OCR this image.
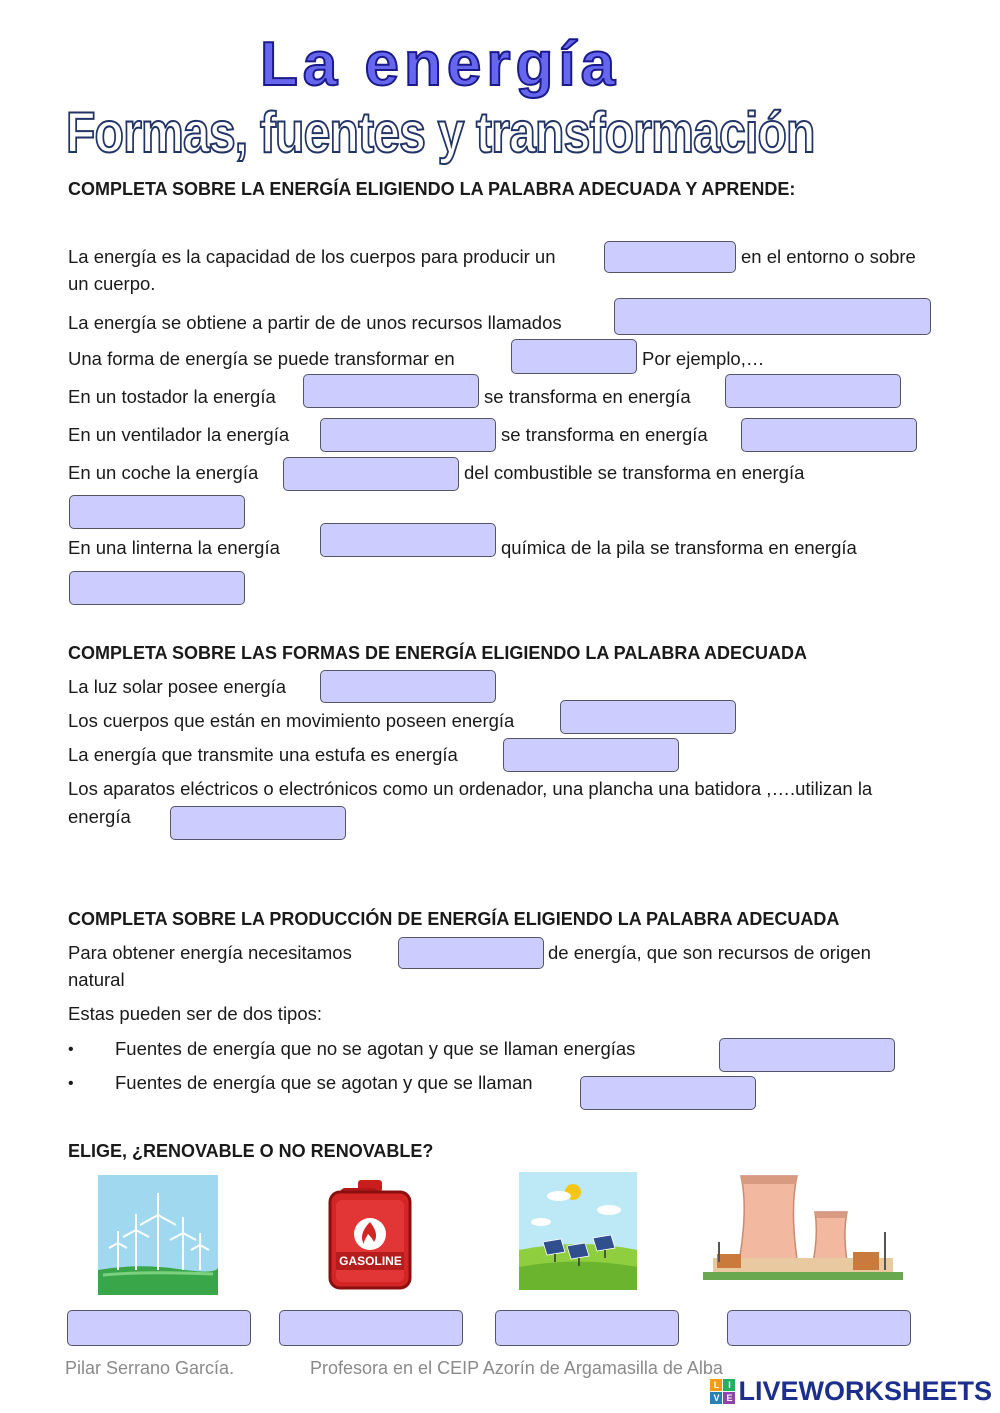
La energía
Formas, fuentes y transformación
COMPLETA SOBRE LA ENERGÍA ELIGIENDO LA PALABRA ADECUADA Y APRENDE:
La energía es la capacidad de los cuerpos para producir un	en el entorno o sobre
un cuerpo.
La energía se obtiene a partir de de unos recursos llamados
Una forma de energía se puede transformar en	Por ejemplo,…
En un tostador la energía	se transforma en energía
En un ventilador la energía	se transforma en energía
En un coche la energía	del combustible se transforma en energía
En una linterna la energía	química de la pila se transforma en energía
COMPLETA SOBRE LAS FORMAS DE ENERGÍA ELIGIENDO LA PALABRA ADECUADA
La luz solar posee energía
Los cuerpos que están en movimiento poseen energía
La energía que transmite una estufa es energía
Los aparatos eléctricos o electrónicos como un ordenador, una plancha una batidora ,….utilizan la
energía
COMPLETA SOBRE LA PRODUCCIÓN DE ENERGÍA ELIGIENDO LA PALABRA ADECUADA
Para obtener energía necesitamos	de energía, que son recursos de origen
natural
Estas pueden ser de dos tipos:
• Fuentes de energía que no se agotan y que se llaman energías
• Fuentes de energía que se agotan y que se llaman
ELIGE, ¿RENOVABLE O NO RENOVABLE?
GASOLINE
Pilar Serrano García.	Profesora en el CEIP Azorín de Argamasilla de Alba
L I
V E LIVEWORKSHEETS
